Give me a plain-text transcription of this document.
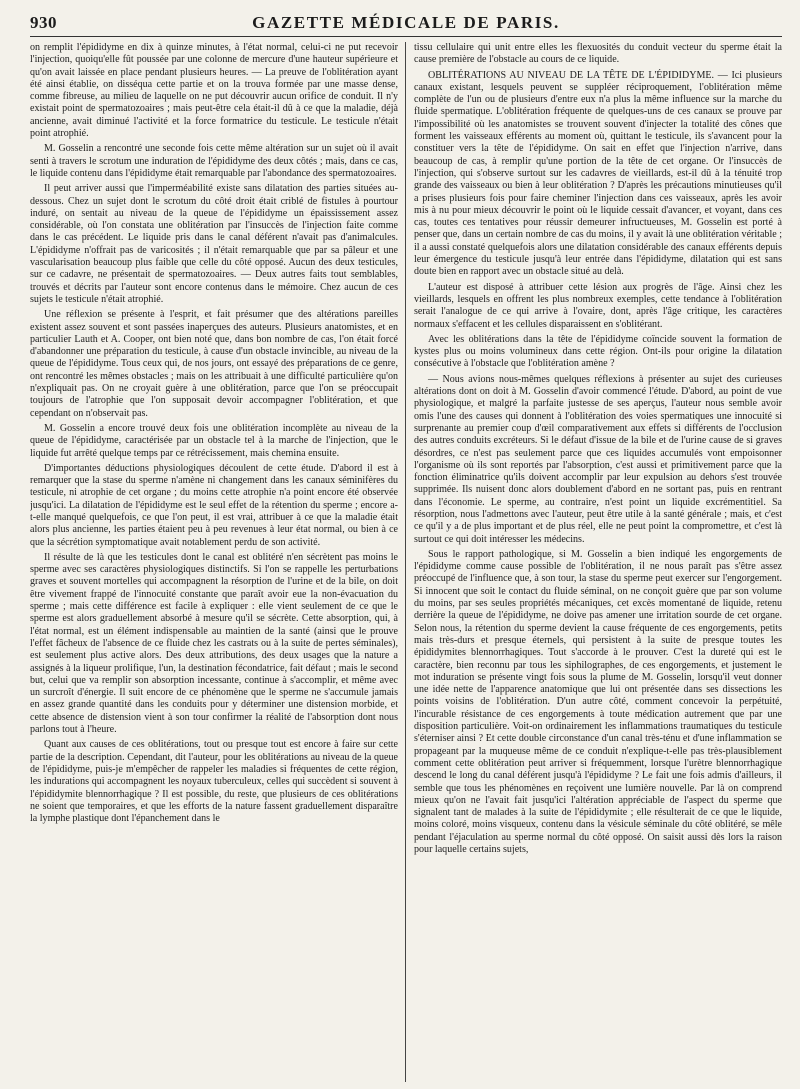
930	GAZETTE MÉDICALE DE PARIS.

on remplit l'épididyme en dix à quinze minutes, à l'état normal, celui-ci ne put recevoir l'injection, quoiqu'elle fût poussée par une colonne de mercure d'une hauteur supérieure et qu'on avait laissée en place pendant plusieurs heures. — La preuve de l'oblitération ayant été ainsi établie, on disséqua cette partie et on la trouva formée par une masse dense, comme fibreuse, au milieu de laquelle on ne put découvrir aucun orifice de conduit. Il n'y existait point de spermatozoaires ; mais peut-être cela était-il dû à ce que la maladie, déjà ancienne, avait diminué l'activité et la force formatrice du testicule. Le testicule n'était point atrophié.

M. Gosselin a rencontré une seconde fois cette même altération sur un sujet où il avait senti à travers le scrotum une induration de l'épididyme des deux côtés ; mais, dans ce cas, le liquide contenu dans l'épididyme était remarquable par l'abondance des spermatozoaires.

Il peut arriver aussi que l'imperméabilité existe sans dilatation des parties situées au-dessous. Chez un sujet dont le scrotum du côté droit était criblé de fistules à pourtour induré, on sentait au niveau de la queue de l'épididyme un épaississement assez considérable, où l'on constata une oblitération par l'insuccès de l'injection faite comme dans le cas précédent. Le liquide pris dans le canal déférent n'avait pas d'animalcules. L'épididyme n'offrait pas de varicosités ; il n'était remarquable que par sa pâleur et une vascularisation beaucoup plus faible que celle du côté opposé. Aucun des deux testicules, sur ce cadavre, ne présentait de spermatozoaires. — Deux autres faits tout semblables, trouvés et décrits par l'auteur sont encore contenus dans le mémoire. Chez aucun de ces sujets le testicule n'était atrophié.

Une réflexion se présente à l'esprit, et fait présumer que des altérations pareilles existent assez souvent et sont passées inaperçues des auteurs. Plusieurs anatomistes, et en particulier Lauth et A. Cooper, ont bien noté que, dans bon nombre de cas, l'on était forcé d'abandonner une préparation du testicule, à cause d'un obstacle invincible, au niveau de la queue de l'épididyme. Tous ceux qui, de nos jours, ont essayé des préparations de ce genre, ont rencontré les mêmes obstacles ; mais on les attribuait à une difficulté particulière qu'on n'expliquait pas. On ne croyait guère à une oblitération, parce que l'on se préoccupait toujours de l'atrophie que l'on supposait devoir accompagner l'oblitération, et que cependant on n'observait pas.

M. Gosselin a encore trouvé deux fois une oblitération incomplète au niveau de la queue de l'épididyme, caractérisée par un obstacle tel à la marche de l'injection, que le liquide fut arrêté quelque temps par ce rétrécissement, mais chemina ensuite.

D'importantes déductions physiologiques découlent de cette étude. D'abord il est à remarquer que la stase du sperme n'amène ni changement dans les canaux séminifères du testicule, ni atrophie de cet organe ; du moins cette atrophie n'a point encore été observée jusqu'ici. La dilatation de l'épididyme est le seul effet de la rétention du sperme ; encore a-t-elle manqué quelquefois, ce que l'on peut, il est vrai, attribuer à ce que la maladie était alors plus ancienne, les parties étaient peu à peu revenues à leur état normal, ou bien à ce que la sécrétion symptomatique avait notablement perdu de son activité.

Il résulte de là que les testicules dont le canal est oblitéré n'en sécrètent pas moins le sperme avec ses caractères physiologiques distinctifs. Si l'on se rappelle les perturbations graves et souvent mortelles qui accompagnent la résorption de l'urine et de la bile, on doit être vivement frappé de l'innocuité constante que paraît avoir eue la non-évacuation du sperme ; mais cette différence est facile à expliquer : elle vient seulement de ce que le sperme est alors graduellement absorbé à mesure qu'il se sécrète. Cette absorption, qui, à l'état normal, est un élément indispensable au maintien de la santé (ainsi que le prouve l'effet fâcheux de l'absence de ce fluide chez les castrats ou à la suite de pertes séminales), est seulement plus active alors. Des deux attributions, des deux usages que la nature a assignés à la liqueur prolifique, l'un, la destination fécondatrice, fait défaut ; mais le second but, celui que va remplir son absorption incessante, continue à s'accomplir, et même avec un surcroît d'énergie. Il suit encore de ce phénomène que le sperme ne s'accumule jamais en assez grande quantité dans les conduits pour y déterminer une distension morbide, et cette absence de distension vient à son tour confirmer la réalité de l'absorption dont nous parlons tout à l'heure.

Quant aux causes de ces oblitérations, tout ou presque tout est encore à faire sur cette partie de la description. Cependant, dit l'auteur, pour les oblitérations au niveau de la queue de l'épididyme, puis-je m'empêcher de rappeler les maladies si fréquentes de cette région, les indurations qui accompagnent les noyaux tuberculeux, celles qui succèdent si souvent à l'épididymite blennorrhagique ? Il est possible, du reste, que plusieurs de ces oblitérations ne soient que temporaires, et que les efforts de la nature fassent graduellement disparaître la lymphe plastique dont l'épanchement dans le

tissu cellulaire qui unit entre elles les flexuosités du conduit vecteur du sperme était la cause première de l'obstacle au cours de ce liquide.

OBLITÉRATIONS AU NIVEAU DE LA TÊTE DE L'ÉPIDIDYME. — Ici plusieurs canaux existant, lesquels peuvent se suppléer réciproquement, l'oblitération même complète de l'un ou de plusieurs d'entre eux n'a plus la même influence sur la marche du fluide spermatique. L'oblitération fréquente de quelques-uns de ces canaux se prouve par l'impossibilité où les anatomistes se trouvent souvent d'injecter la totalité des cônes que forment les vaisseaux efférents au moment où, quittant le testicule, ils s'avancent pour la constituer vers la tête de l'épididyme. On sait en effet que l'injection n'arrive, dans beaucoup de cas, à remplir qu'une portion de la tête de cet organe. Or l'insuccès de l'injection, qui s'observe surtout sur les cadavres de vieillards, est-il dû à la ténuité trop grande des vaisseaux ou bien à leur oblitération ? D'après les précautions minutieuses qu'il a prises plusieurs fois pour faire cheminer l'injection dans ces vaisseaux, après les avoir mis à nu pour mieux découvrir le point où le liquide cessait d'avancer, et voyant, dans ces cas, toutes ces tentatives pour réussir demeurer infructueuses, M. Gosselin est porté à penser que, dans un certain nombre de cas du moins, il y avait là une oblitération véritable ; il a aussi constaté quelquefois alors une dilatation considérable des canaux efférents depuis leur émergence du testicule jusqu'à leur entrée dans l'épididyme, dilatation qui est sans doute bien en rapport avec un obstacle situé au delà.

L'auteur est disposé à attribuer cette lésion aux progrès de l'âge. Ainsi chez les vieillards, lesquels en offrent les plus nombreux exemples, cette tendance à l'oblitération serait l'analogue de ce qui arrive à l'ovaire, dont, après l'âge critique, les caractères normaux s'effacent et les cellules disparaissent en s'oblitérant.

Avec les oblitérations dans la tête de l'épididyme coïncide souvent la formation de kystes plus ou moins volumineux dans cette région. Ont-ils pour origine la dilatation consécutive à l'obstacle que l'oblitération amène ?

— Nous avions nous-mêmes quelques réflexions à présenter au sujet des curieuses altérations dont on doit à M. Gosselin d'avoir commencé l'étude. D'abord, au point de vue physiologique, et malgré la parfaite justesse de ses aperçus, l'auteur nous semble avoir omis l'une des causes qui donnent à l'oblitération des voies spermatiques une innocuité si surprenante au premier coup d'œil comparativement aux effets si différents de l'occlusion des autres conduits excréteurs. Si le défaut d'issue de la bile et de l'urine cause de si graves désordres, ce n'est pas seulement parce que ces liquides accumulés vont empoisonner l'organisme où ils sont reportés par l'absorption, c'est aussi et primitivement parce que la fonction éliminatrice qu'ils doivent accomplir par leur expulsion au dehors s'est trouvée supprimée. Ils nuisent donc alors doublement d'abord en ne sortant pas, puis en rentrant dans l'économie. Le sperme, au contraire, n'est point un liquide excrémentitiel. Sa résorption, nous l'admettons avec l'auteur, peut être utile à la santé générale ; mais, et c'est ce qu'il y a de plus important et de plus réel, elle ne peut point la compromettre, et c'est là surtout ce qui doit intéresser les médecins.

Sous le rapport pathologique, si M. Gosselin a bien indiqué les engorgements de l'épididyme comme cause possible de l'oblitération, il ne nous paraît pas s'être assez préoccupé de l'influence que, à son tour, la stase du sperme peut exercer sur l'engorgement. Si innocent que soit le contact du fluide séminal, on ne conçoit guère que par son volume du moins, par ses seules propriétés mécaniques, cet excès momentané de liquide, retenu derrière la queue de l'épididyme, ne doive pas amener une irritation sourde de cet organe. Selon nous, la rétention du sperme devient la cause fréquente de ces engorgements, petits mais très-durs et presque éternels, qui persistent à la suite de presque toutes les épididymites blennorrhagiques. Tout s'accorde à le prouver. C'est la dureté qui est le caractère, bien reconnu par tous les siphilographes, de ces engorgements, et justement le mot induration se présente vingt fois sous la plume de M. Gosselin, lorsqu'il veut donner une idée nette de l'apparence anatomique que lui ont présentée dans ses dissections les points voisins de l'oblitération. D'un autre côté, comment concevoir la perpétuité, l'incurable résistance de ces engorgements à toute médication autrement que par une disposition particulière. Voit-on ordinairement les inflammations traumatiques du testicule s'éterniser ainsi ? Et cette double circonstance d'un canal très-ténu et d'une inflammation se propageant par la muqueuse même de ce conduit n'explique-t-elle pas très-plausiblement comment cette oblitération peut arriver si fréquemment, lorsque l'urètre blennorrhagique descend le long du canal déférent jusqu'à l'épididyme ? Le fait une fois admis d'ailleurs, il semble que tous les phénomènes en reçoivent une lumière nouvelle. Par là on comprend mieux qu'on ne l'avait fait jusqu'ici l'altération appréciable de l'aspect du sperme que signalent tant de malades à la suite de l'épididymite ; elle résulterait de ce que le liquide, moins coloré, moins visqueux, contenu dans la vésicule séminale du côté oblitéré, se mêle pendant l'éjaculation au sperme normal du côté opposé. On saisit aussi dès lors la raison pour laquelle certains sujets,
